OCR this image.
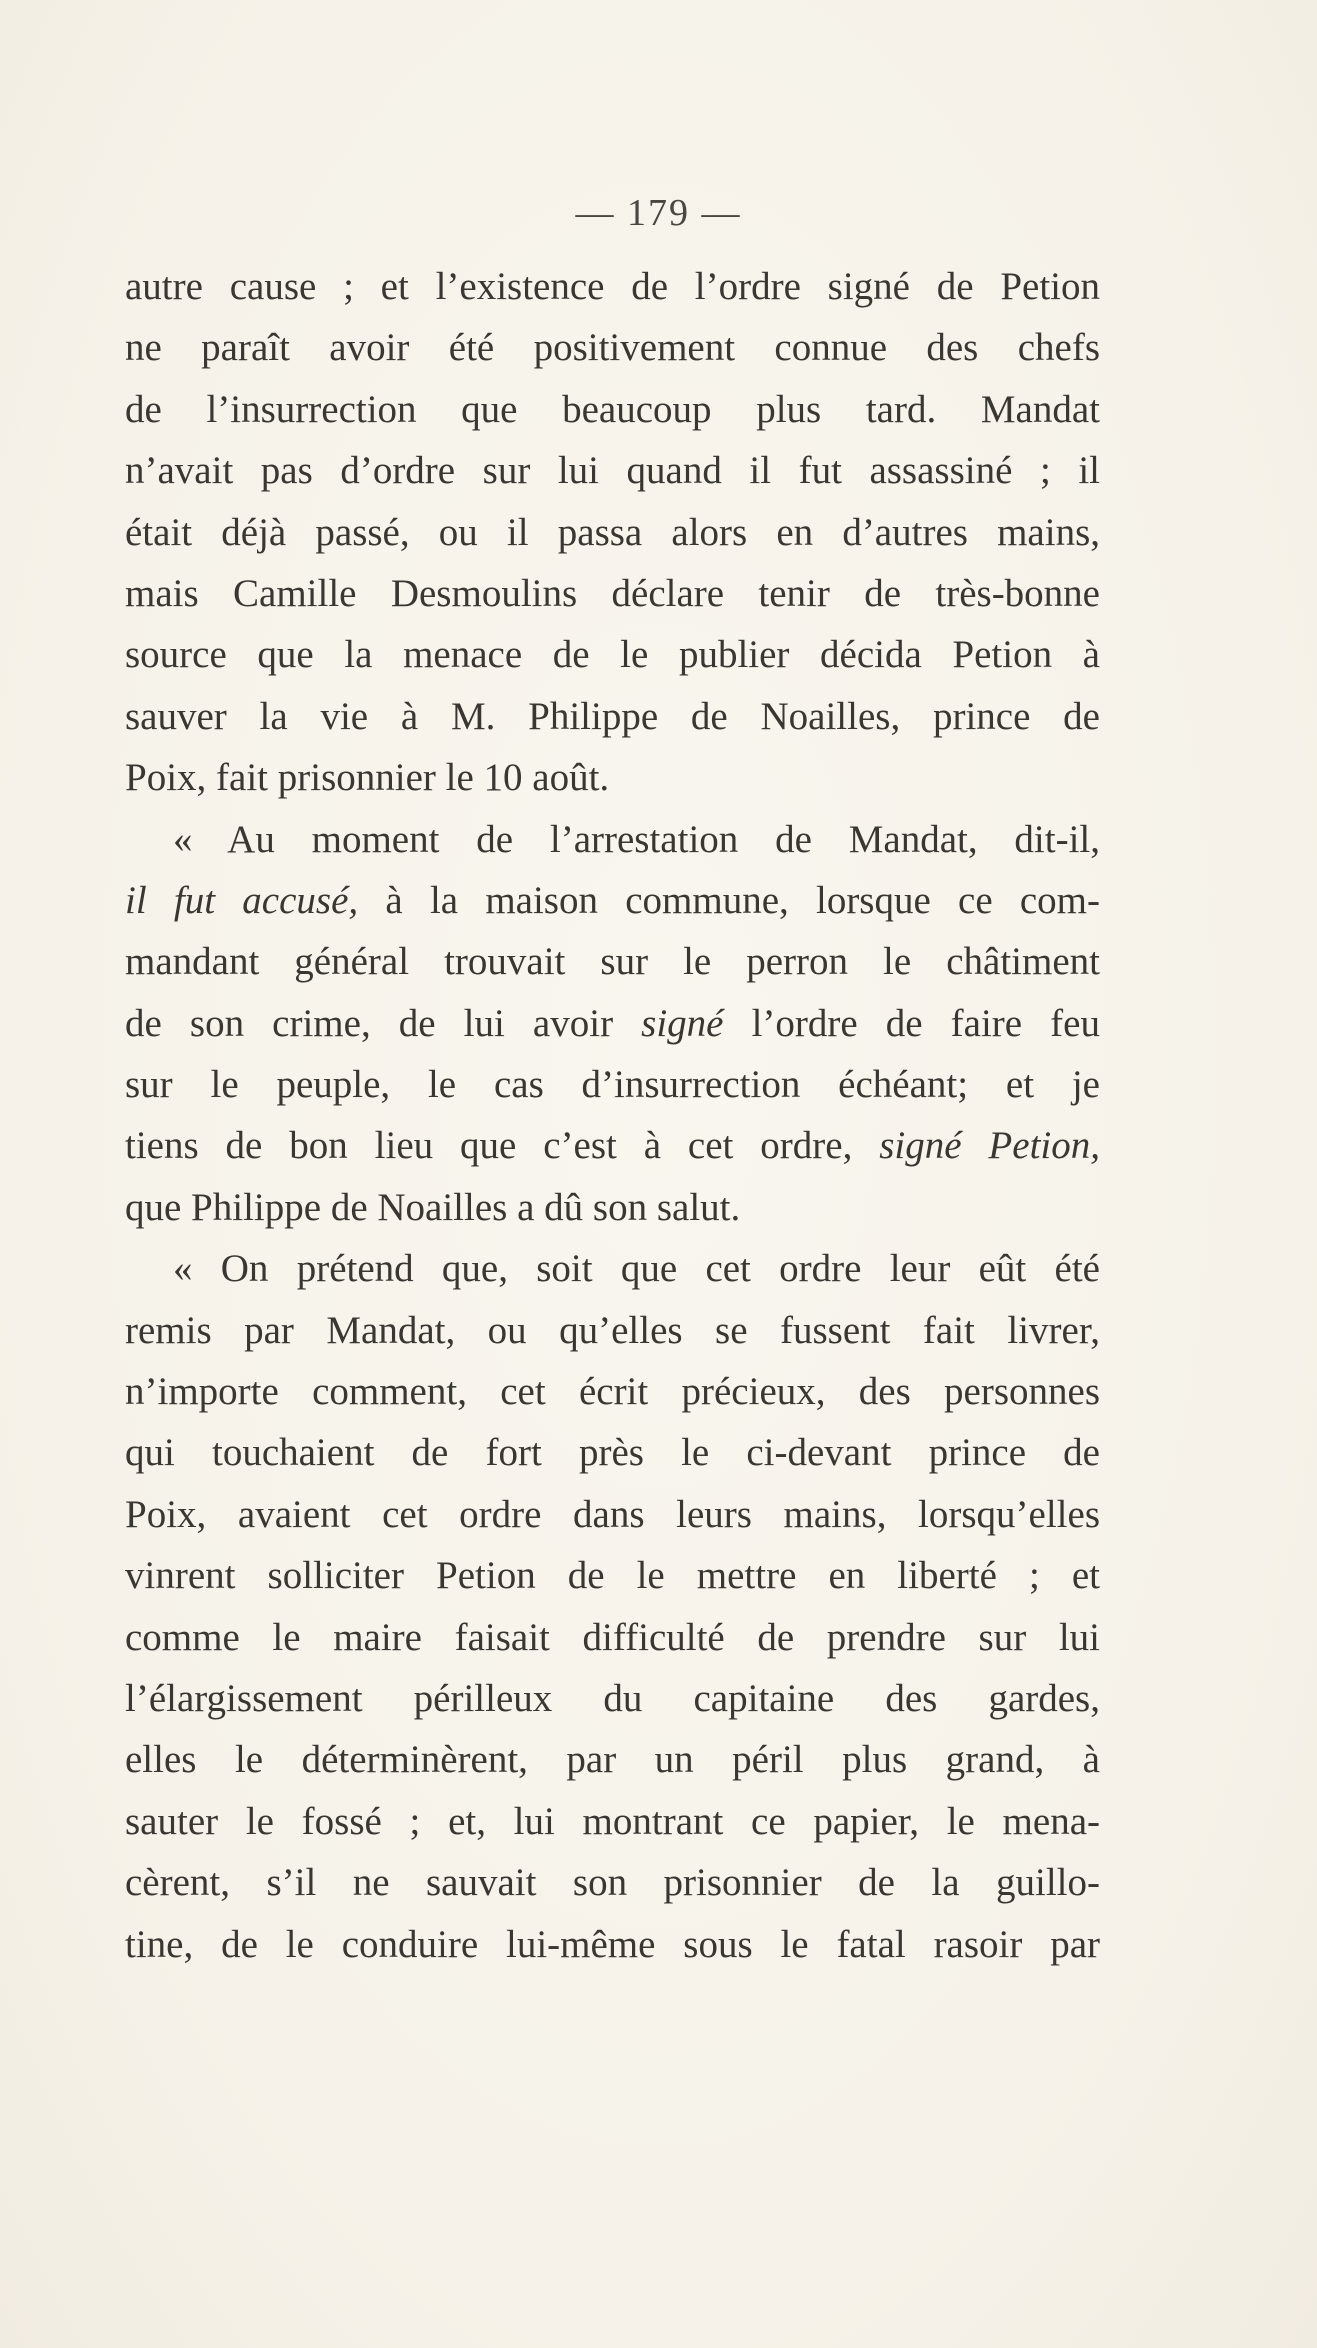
— 179 —
autre cause ; et l’existence de l’ordre signé de Petion
ne paraît avoir été positivement connue des chefs
de l’insurrection que beaucoup plus tard. Mandat
n’avait pas d’ordre sur lui quand il fut assassiné ; il
était déjà passé, ou il passa alors en d’autres mains,
mais Camille Desmoulins déclare tenir de très-bonne
source que la menace de le publier décida Petion à
sauver la vie à M. Philippe de Noailles, prince de
Poix, fait prisonnier le 10 août.
« Au moment de l’arrestation de Mandat, dit-il,
il fut accusé, à la maison commune, lorsque ce com-
mandant général trouvait sur le perron le châtiment
de son crime, de lui avoir signé l’ordre de faire feu
sur le peuple, le cas d’insurrection échéant; et je
tiens de bon lieu que c’est à cet ordre, signé Petion,
que Philippe de Noailles a dû son salut.
« On prétend que, soit que cet ordre leur eût été
remis par Mandat, ou qu’elles se fussent fait livrer,
n’importe comment, cet écrit précieux, des personnes
qui touchaient de fort près le ci-devant prince de
Poix, avaient cet ordre dans leurs mains, lorsqu’elles
vinrent solliciter Petion de le mettre en liberté ; et
comme le maire faisait difficulté de prendre sur lui
l’élargissement périlleux du capitaine des gardes,
elles le déterminèrent, par un péril plus grand, à
sauter le fossé ; et, lui montrant ce papier, le mena-
cèrent, s’il ne sauvait son prisonnier de la guillo-
tine, de le conduire lui-même sous le fatal rasoir par
